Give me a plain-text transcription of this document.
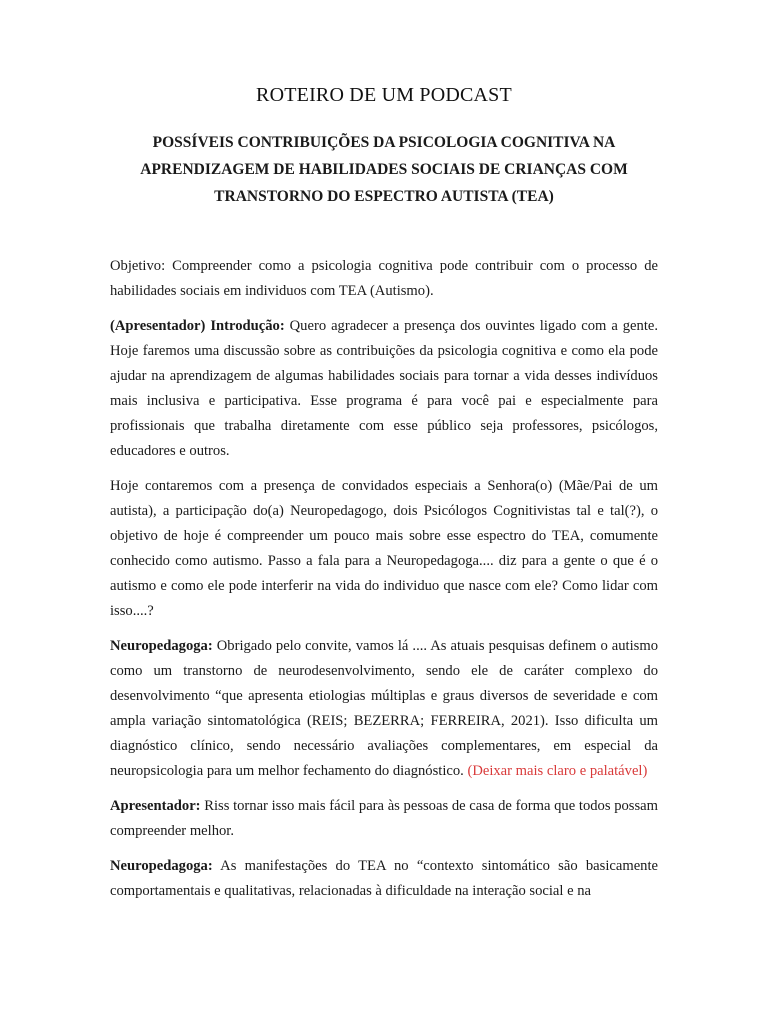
ROTEIRO DE UM PODCAST
POSSÍVEIS CONTRIBUIÇÕES DA PSICOLOGIA COGNITIVA NA
APRENDIZAGEM DE HABILIDADES SOCIAIS DE CRIANÇAS COM
TRANSTORNO DO ESPECTRO AUTISTA (TEA)

Objetivo: Compreender como a psicologia cognitiva pode contribuir com o processo de habilidades sociais em individuos com TEA (Autismo).

(Apresentador) Introdução: Quero agradecer a presença dos ouvintes ligado com a gente. Hoje faremos uma discussão sobre as contribuições da psicologia cognitiva e como ela pode ajudar na aprendizagem de algumas habilidades sociais para tornar a vida desses indivíduos mais inclusiva e participativa. Esse programa é para você pai e especialmente para profissionais que trabalha diretamente com esse público seja professores, psicólogos, educadores e outros.

Hoje contaremos com a presença de convidados especiais a Senhora(o) (Mãe/Pai de um autista), a participação do(a) Neuropedagogo, dois Psicólogos Cognitivistas tal e tal(?), o objetivo de hoje é compreender um pouco mais sobre esse espectro do TEA, comumente conhecido como autismo. Passo a fala para a Neuropedagoga.... diz para a gente o que é o autismo e como ele pode interferir na vida do individuo que nasce com ele? Como lidar com isso....?

Neuropedagoga: Obrigado pelo convite, vamos lá .... As atuais pesquisas definem o autismo como um transtorno de neurodesenvolvimento, sendo ele de caráter complexo do desenvolvimento “que apresenta etiologias múltiplas e graus diversos de severidade e com ampla variação sintomatológica (REIS; BEZERRA; FERREIRA, 2021). Isso dificulta um diagnóstico clínico, sendo necessário avaliações complementares, em especial da neuropsicologia para um melhor fechamento do diagnóstico. (Deixar mais claro e palatável)

Apresentador: Riss tornar isso mais fácil para às pessoas de casa de forma que todos possam compreender melhor.

Neuropedagoga: As manifestações do TEA no “contexto sintomático são basicamente comportamentais e qualitativas, relacionadas à dificuldade na interação social e na
